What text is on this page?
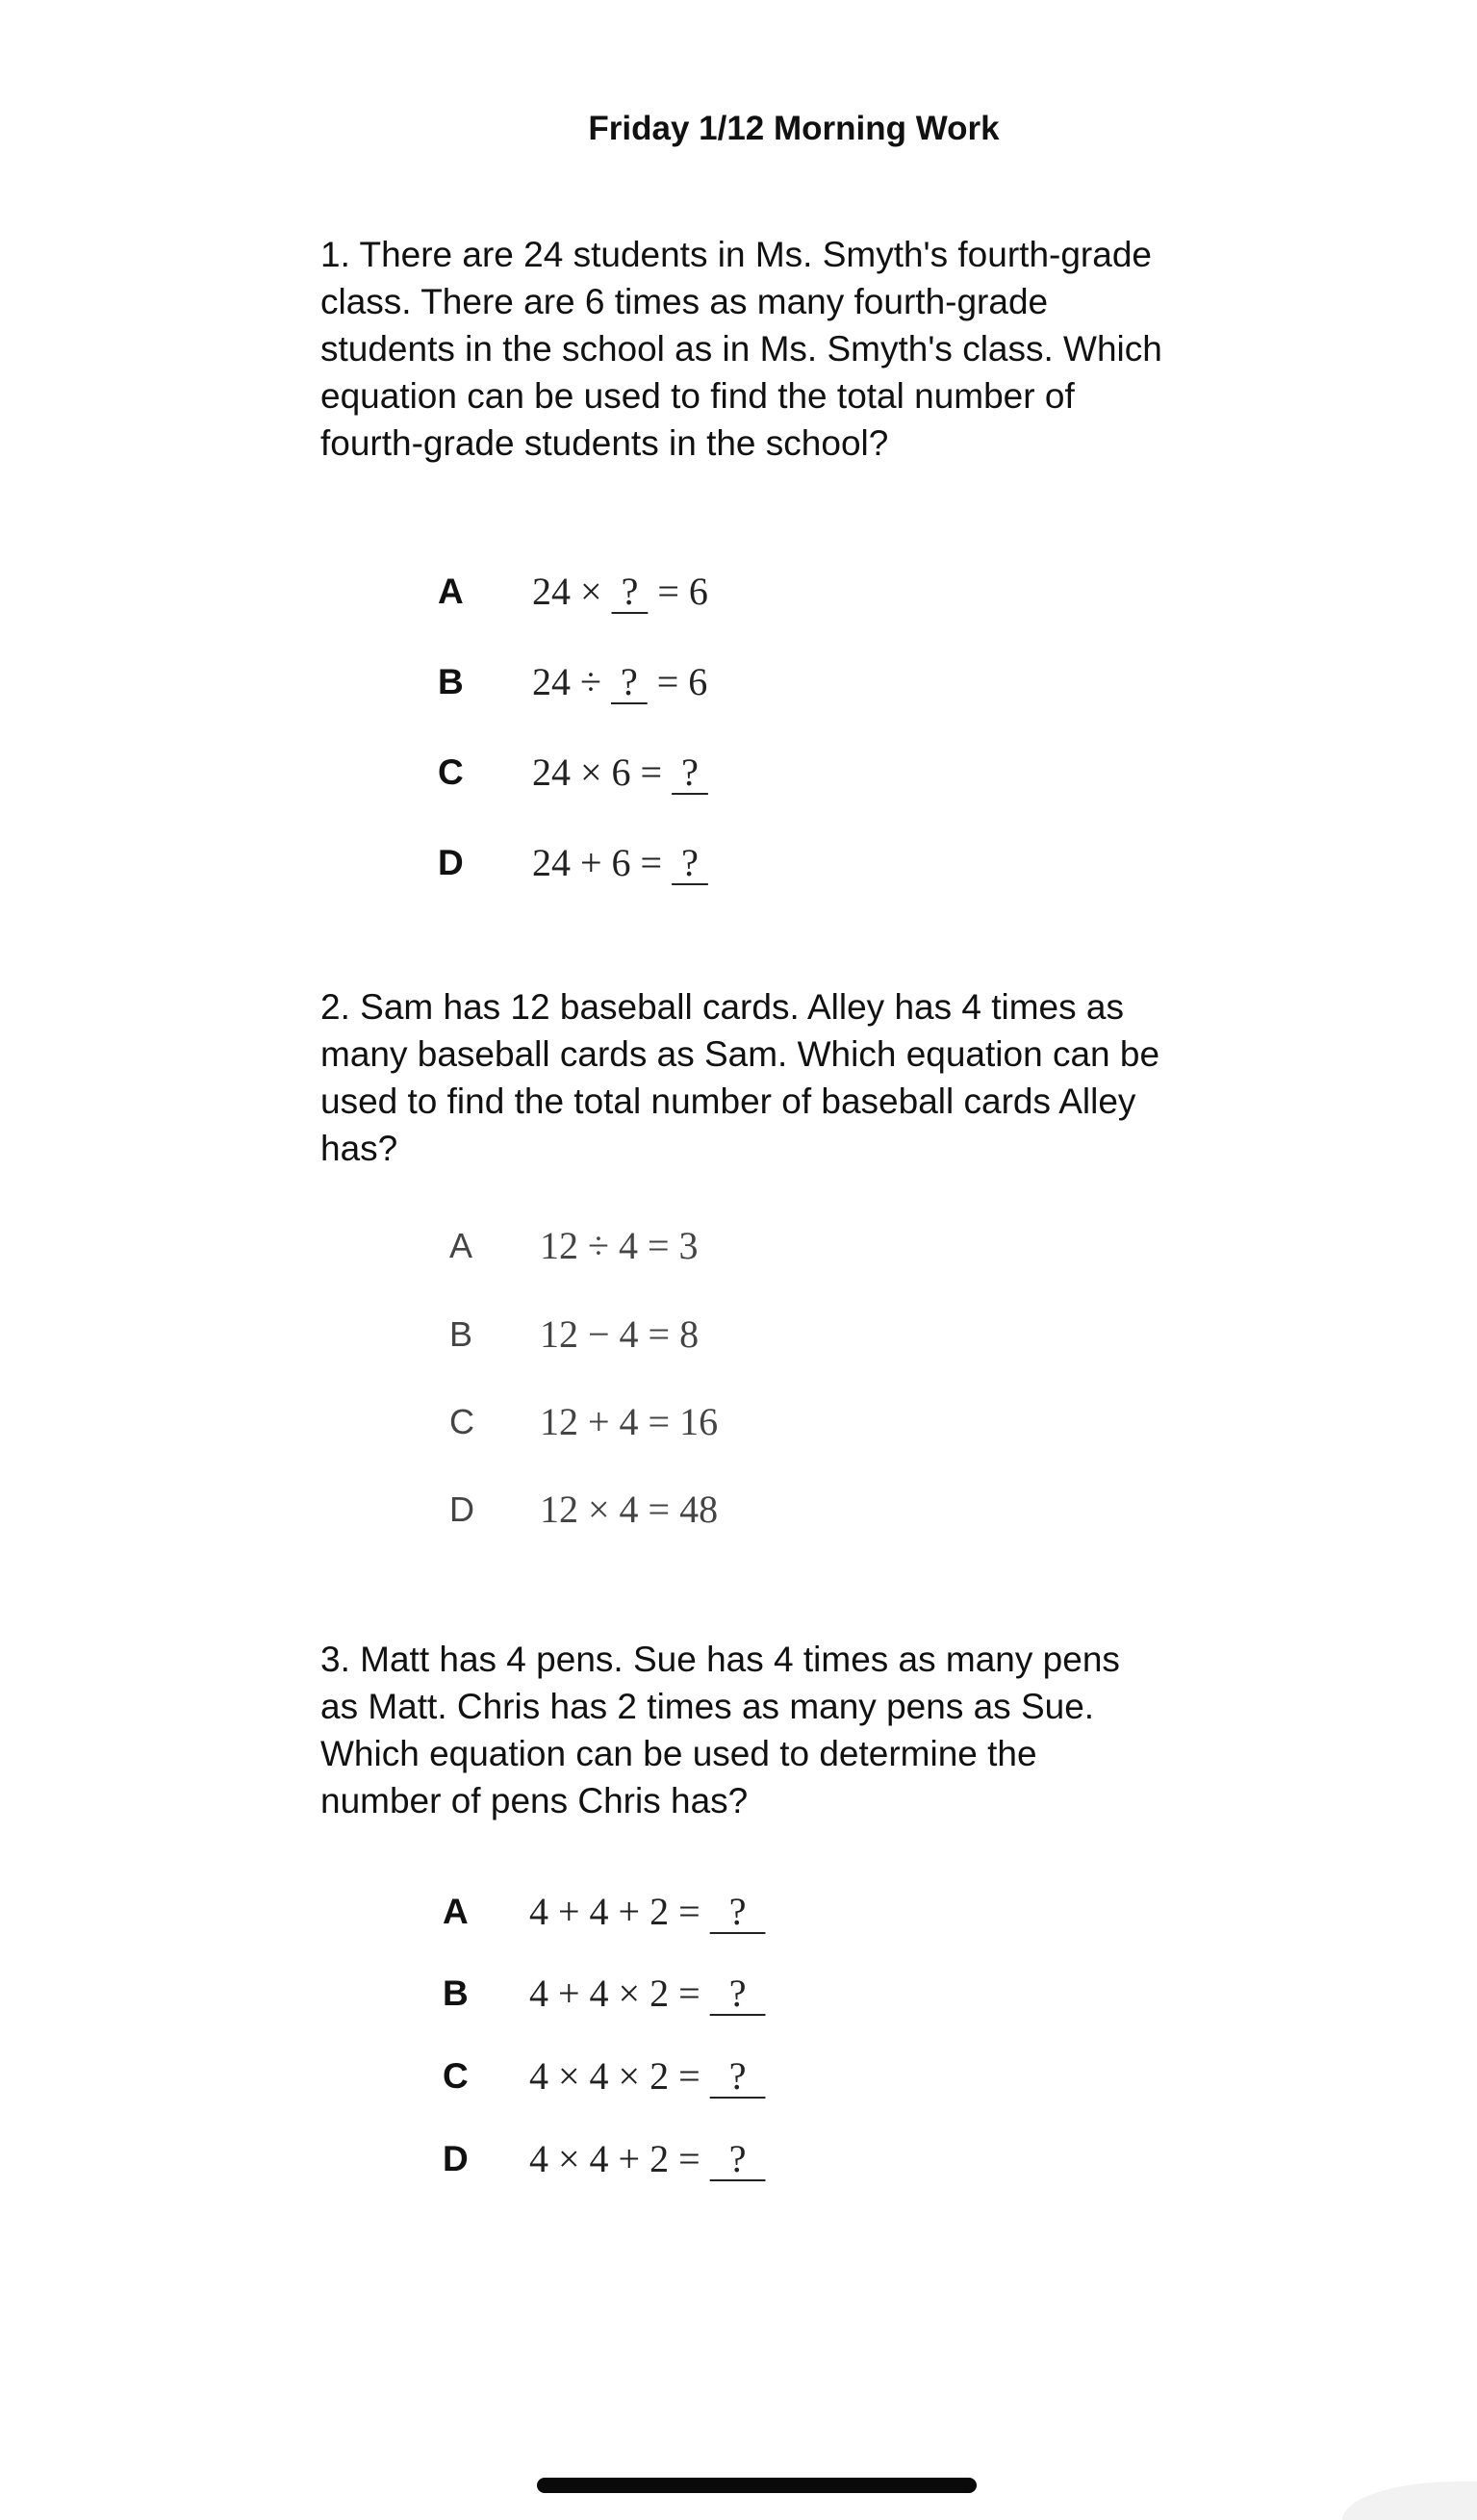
Friday 1/12 Morning Work
1. There are 24 students in Ms. Smyth's fourth-grade class. There are 6 times as many fourth-grade students in the school as in Ms. Smyth's class. Which equation can be used to find the total number of fourth-grade students in the school?
A	24 ×  ?  = 6
B	24 ÷  ?  = 6
C	24 × 6 =  ?
D	24 + 6 =  ?
2. Sam has 12 baseball cards. Alley has 4 times as many baseball cards as Sam. Which equation can be used to find the total number of baseball cards Alley has?
A	12 ÷ 4 = 3
B	12 − 4 = 8
C	12 + 4 = 16
D	12 × 4 = 48
3. Matt has 4 pens. Sue has 4 times as many pens as Matt. Chris has 2 times as many pens as Sue. Which equation can be used to determine the number of pens Chris has?
A	4 + 4 + 2 =   ?
B	4 + 4 × 2 =   ?
C	4 × 4 × 2 =   ?
D	4 × 4 + 2 =   ?
